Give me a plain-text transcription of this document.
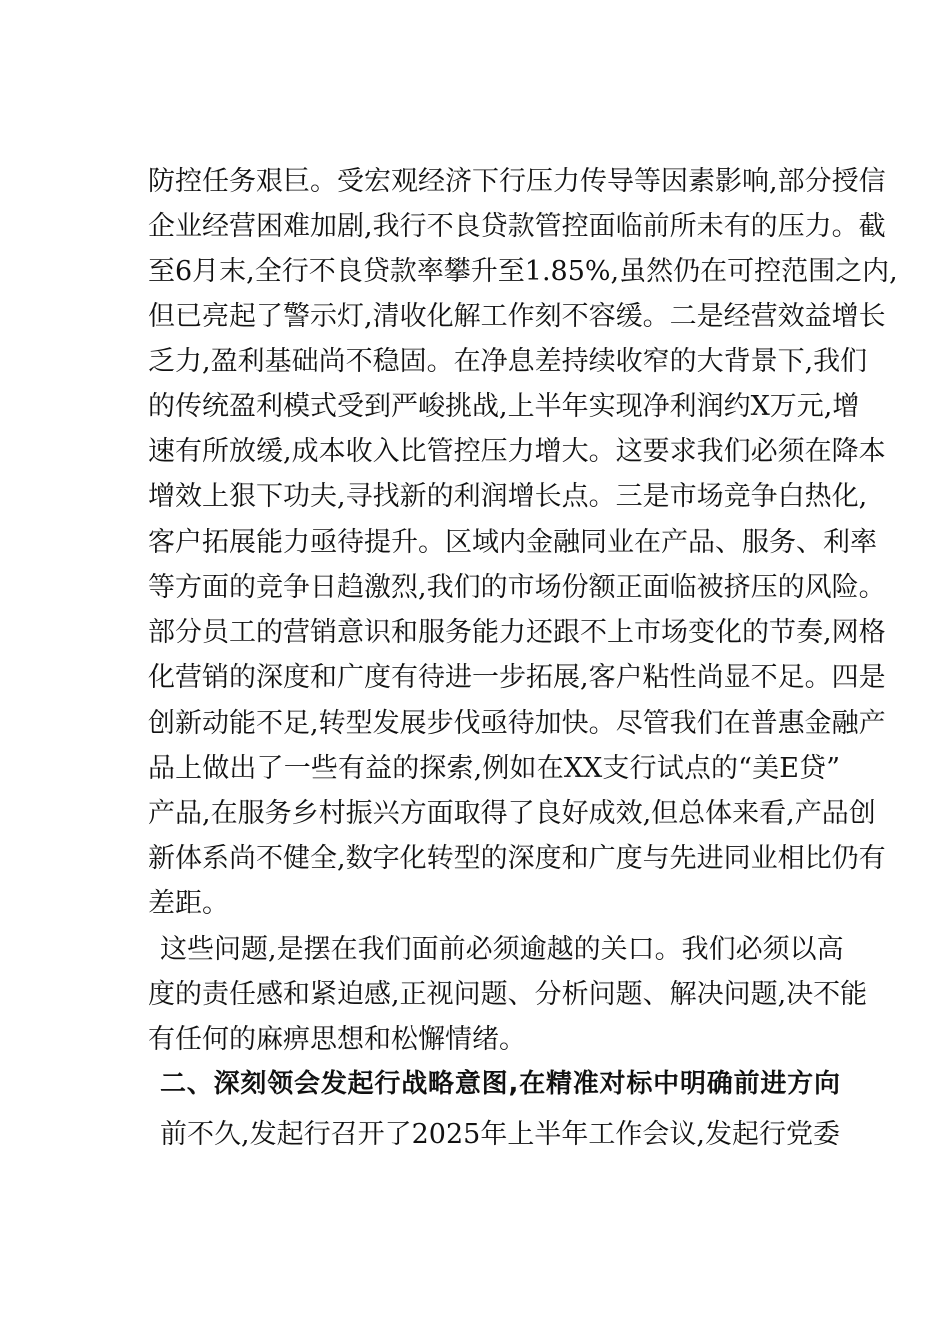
防控任务艰巨。受宏观经济下行压力传导等因素影响,部分授信
企业经营困难加剧,我行不良贷款管控面临前所未有的压力。截
至6月末,全行不良贷款率攀升至1.85%,虽然仍在可控范围之内,
但已亮起了警示灯,清收化解工作刻不容缓。二是经营效益增长
乏力,盈利基础尚不稳固。在净息差持续收窄的大背景下,我们
的传统盈利模式受到严峻挑战,上半年实现净利润约X万元,增
速有所放缓,成本收入比管控压力增大。这要求我们必须在降本
增效上狠下功夫,寻找新的利润增长点。三是市场竞争白热化,
客户拓展能力亟待提升。区域内金融同业在产品、服务、利率
等方面的竞争日趋激烈,我们的市场份额正面临被挤压的风险。
部分员工的营销意识和服务能力还跟不上市场变化的节奏,网格
化营销的深度和广度有待进一步拓展,客户粘性尚显不足。四是
创新动能不足,转型发展步伐亟待加快。尽管我们在普惠金融产
品上做出了一些有益的探索,例如在XX支行试点的“美E贷”
产品,在服务乡村振兴方面取得了良好成效,但总体来看,产品创
新体系尚不健全,数字化转型的深度和广度与先进同业相比仍有
差距。
这些问题,是摆在我们面前必须逾越的关口。我们必须以高
度的责任感和紧迫感,正视问题、分析问题、解决问题,决不能
有任何的麻痹思想和松懈情绪。
二、深刻领会发起行战略意图,在精准对标中明确前进方向
前不久,发起行召开了2025年上半年工作会议,发起行党委
